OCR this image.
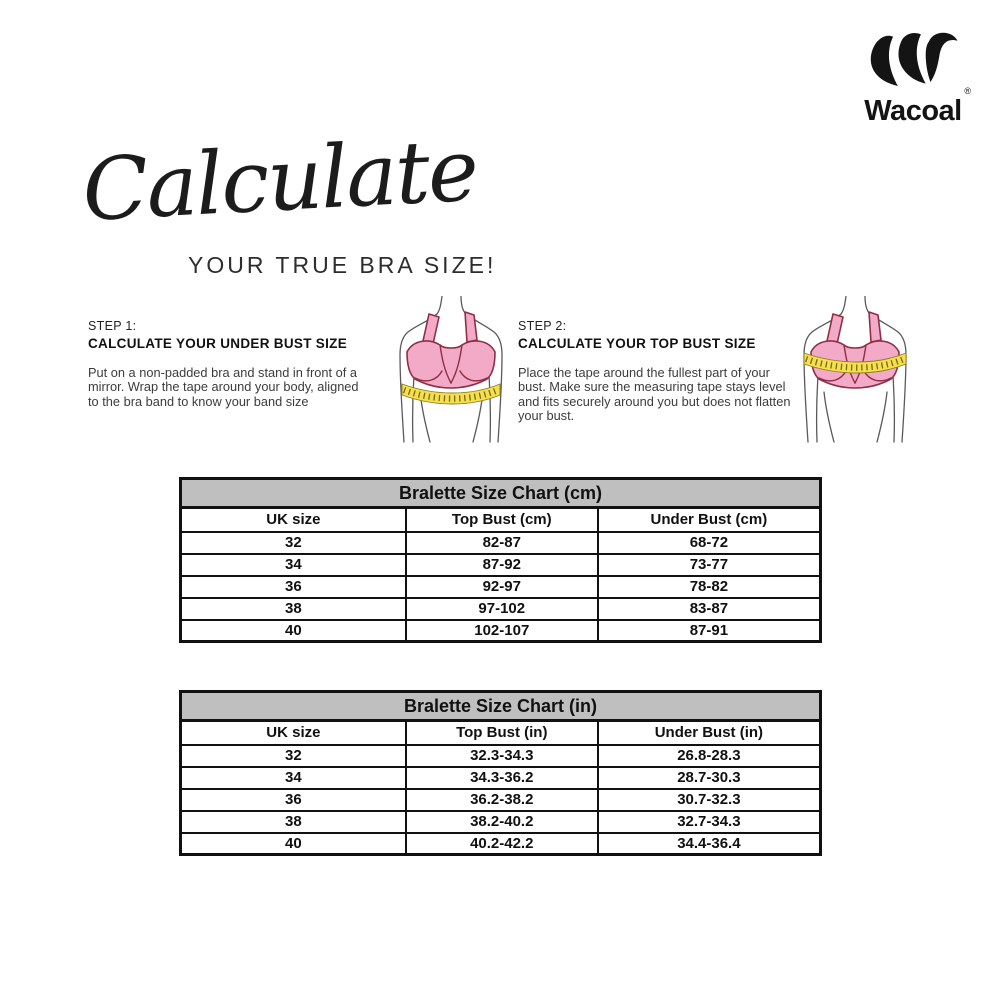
®
Wacoal
Calculate
YOUR TRUE BRA SIZE!
STEP 1:
CALCULATE YOUR UNDER BUST SIZE
Put on a non-padded bra and stand in front of a mirror. Wrap the tape around your body, aligned to the bra band to know your band size
STEP 2:
CALCULATE YOUR TOP BUST SIZE
Place the tape around the fullest part of your bust. Make sure the measuring tape stays level and fits securely around you but does not flatten your bust.
Bralette Size Chart (cm)		
UK size	Top Bust (cm)	Under Bust (cm)
32	82-87	68-72
34	87-92	73-77
36	92-97	78-82
38	97-102	83-87
40	102-107	87-91
Bralette Size Chart (in)		
UK size	Top Bust (in)	Under Bust (in)
32	32.3-34.3	26.8-28.3
34	34.3-36.2	28.7-30.3
36	36.2-38.2	30.7-32.3
38	38.2-40.2	32.7-34.3
40	40.2-42.2	34.4-36.4
